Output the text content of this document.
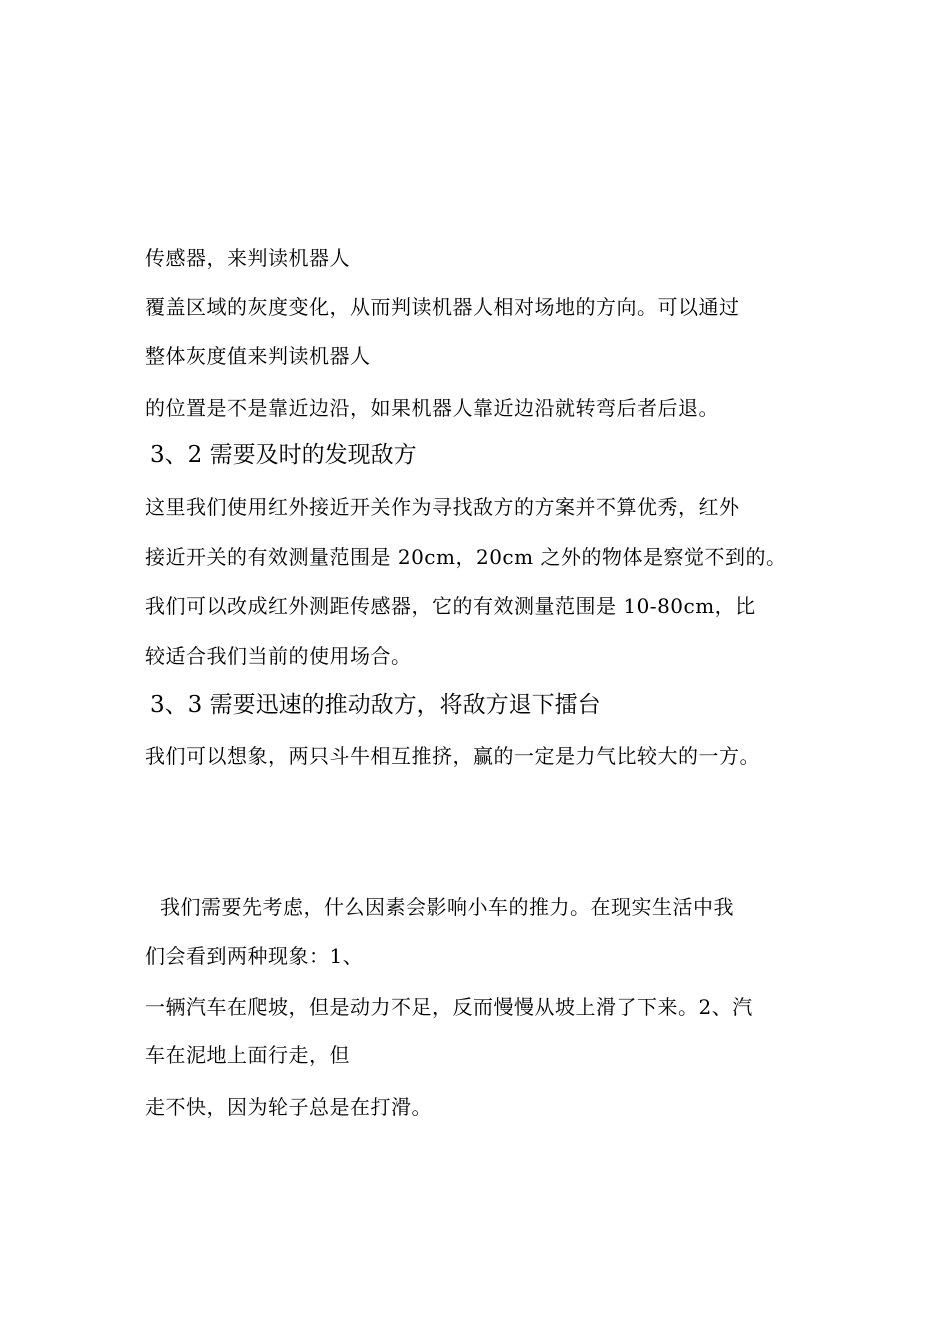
传感器，来判读机器人
覆盖区域的灰度变化，从而判读机器人相对场地的方向。可以通过
整体灰度值来判读机器人
的位置是不是靠近边沿，如果机器人靠近边沿就转弯后者后退。
3、2 需要及时的发现敌方
这里我们使用红外接近开关作为寻找敌方的方案并不算优秀，红外
接近开关的有效测量范围是 20cm，20cm 之外的物体是察觉不到的。
我们可以改成红外测距传感器，它的有效测量范围是 10-80cm，比
较适合我们当前的使用场合。
3、3 需要迅速的推动敌方，将敌方退下擂台
我们可以想象，两只斗牛相互推挤，赢的一定是力气比较大的一方。
我们需要先考虑，什么因素会影响小车的推力。在现实生活中我
们会看到两种现象：1、
一辆汽车在爬坡，但是动力不足，反而慢慢从坡上滑了下来。2、汽
车在泥地上面行走，但
走不快，因为轮子总是在打滑。
